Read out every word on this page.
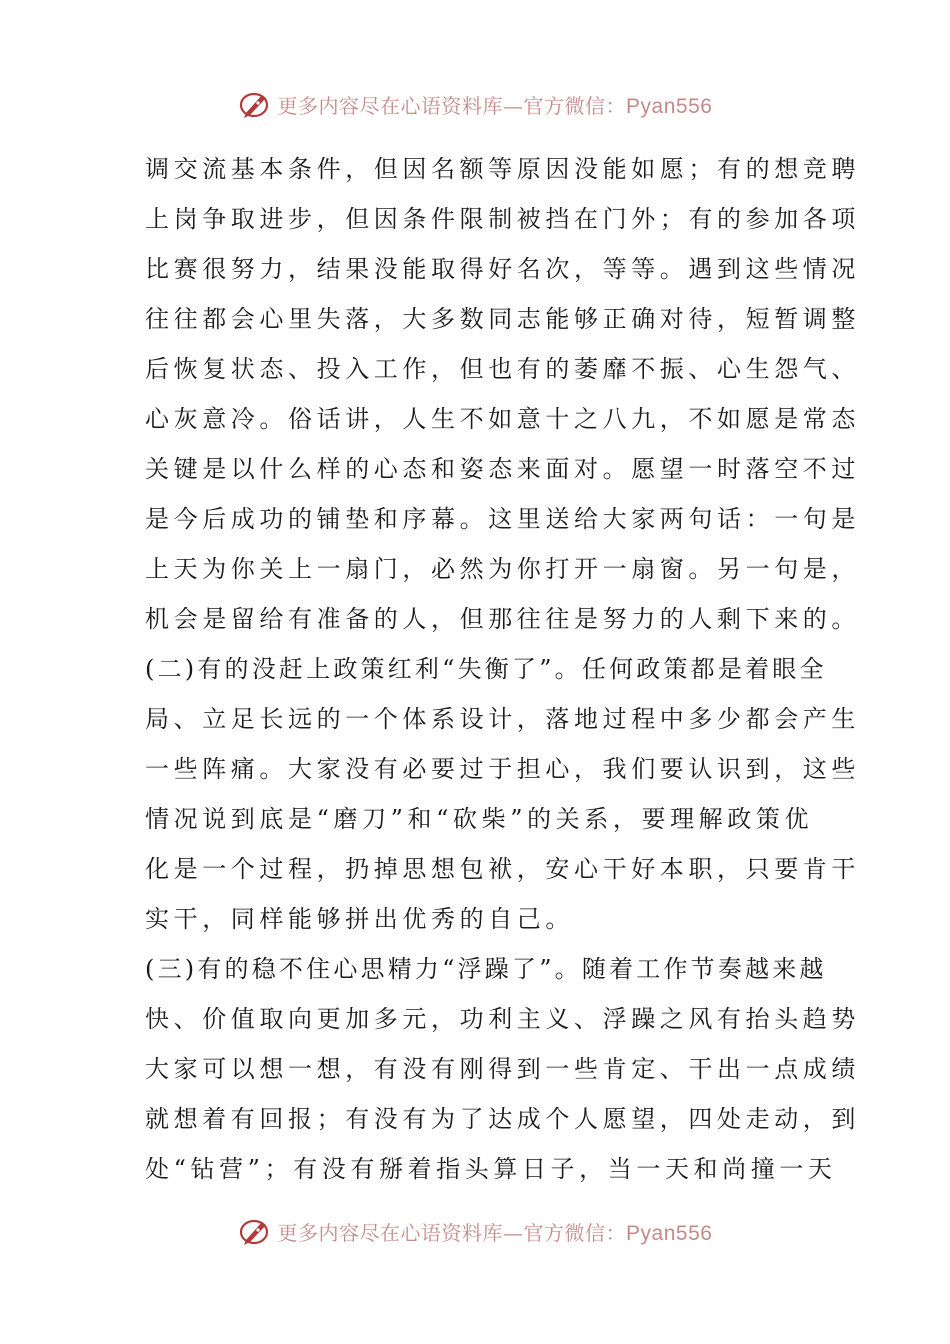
更多内容尽在心语资料库—官方微信：Pyan556
调交流基本条件，但因名额等原因没能如愿；有的想竞聘
上岗争取进步，但因条件限制被挡在门外；有的参加各项
比赛很努力，结果没能取得好名次，等等。遇到这些情况
往往都会心里失落，大多数同志能够正确对待，短暂调整
后恢复状态、投入工作，但也有的萎靡不振、心生怨气、
心灰意冷。俗话讲，人生不如意十之八九，不如愿是常态
关键是以什么样的心态和姿态来面对。愿望一时落空不过
是今后成功的铺垫和序幕。这里送给大家两句话：一句是
上天为你关上一扇门，必然为你打开一扇窗。另一句是，
机会是留给有准备的人，但那往往是努力的人剩下来的。
(二)有的没赶上政策红利“失衡了”。任何政策都是着眼全
局、立足长远的一个体系设计，落地过程中多少都会产生
一些阵痛。大家没有必要过于担心，我们要认识到，这些
情况说到底是“磨刀”和“砍柴”的关系，要理解政策优
化是一个过程，扔掉思想包袱，安心干好本职，只要肯干
实干，同样能够拼出优秀的自己。
(三)有的稳不住心思精力“浮躁了”。随着工作节奏越来越
快、价值取向更加多元，功利主义、浮躁之风有抬头趋势
大家可以想一想，有没有刚得到一些肯定、干出一点成绩
就想着有回报；有没有为了达成个人愿望，四处走动，到
处“钻营”；有没有掰着指头算日子，当一天和尚撞一天
更多内容尽在心语资料库—官方微信：Pyan556
